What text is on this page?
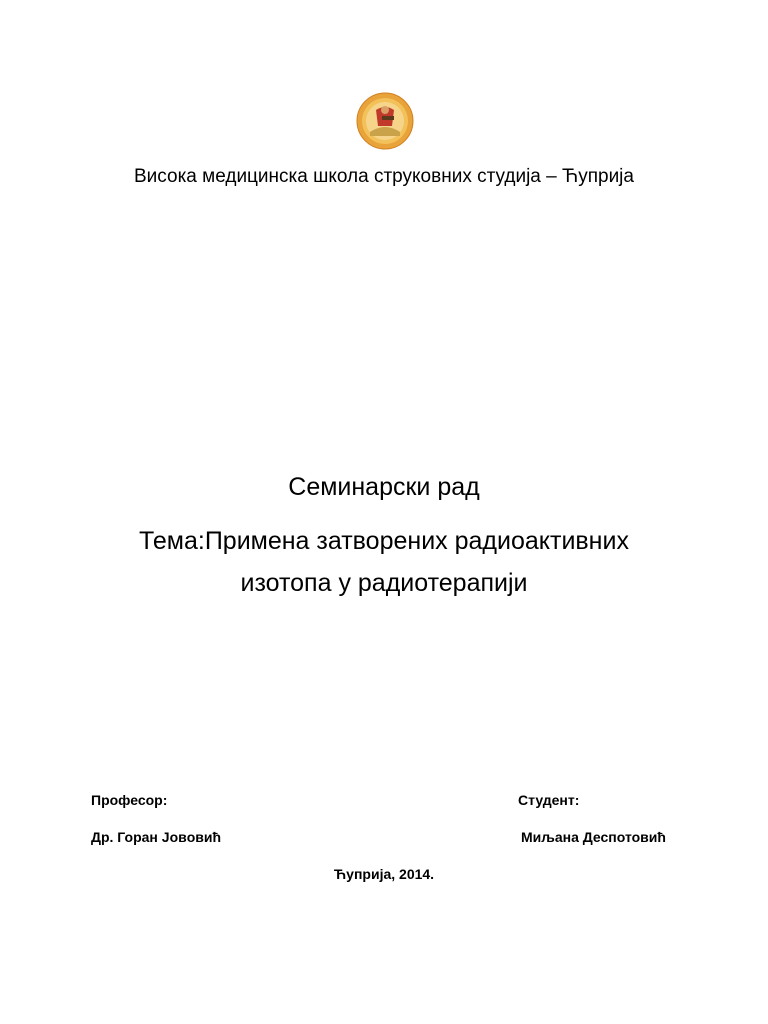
Висока медицинска школа струковних студија – Ћуприја
Семинарски рад
Тема:Примена затворених радиоактивних
изотопа у радиотерапији
Професор:
Др. Горан Јовoвић
Студент:
Миљана Деспотовић
Ћуприја, 2014.
